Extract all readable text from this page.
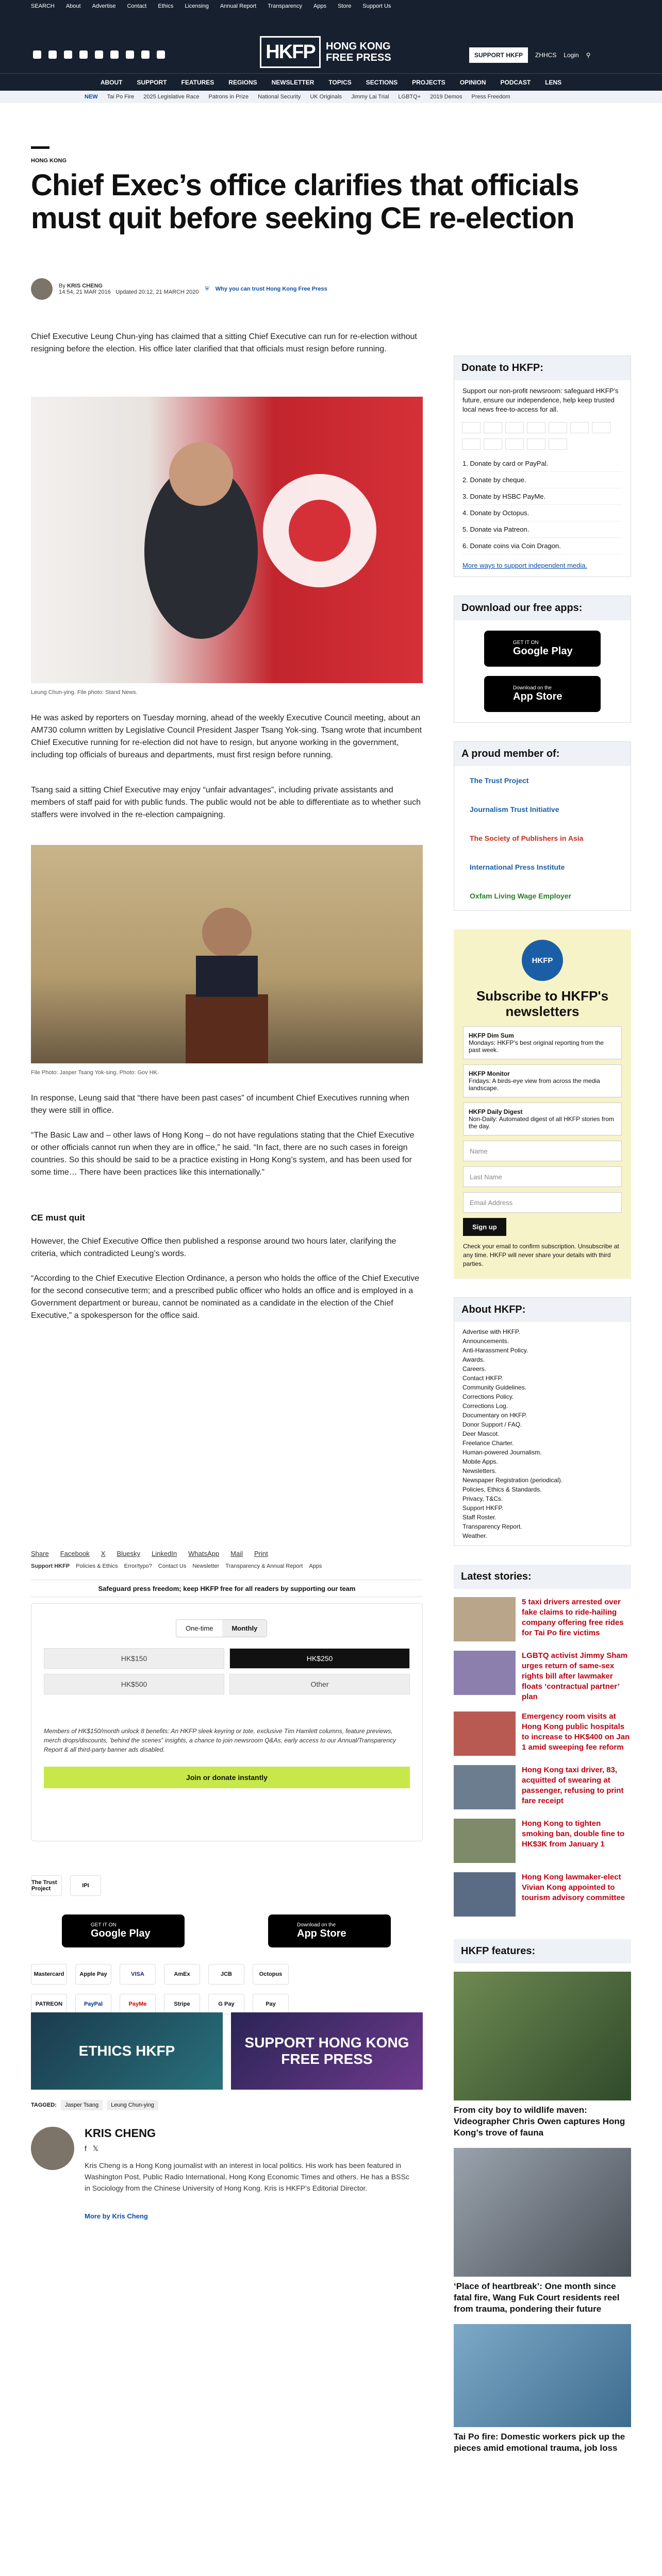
SEARCH About Advertise Contact Ethics Licensing Annual Report Transparency Apps Store Support Us
HKFP	HONG KONG FREE PRESS	SUPPORT HKFP	ZHHCS Login ⚲
ABOUT SUPPORT FEATURES REGIONS NEWSLETTER TOPICS SECTIONS PROJECTS OPINION PODCAST LENS
NEW Tai Po Fire 2025 Legislative Race Patrons in Prize National Security UK Originals Jimmy Lai Trial LGBTQ+ 2019 Demos Press Freedom
HONG KONG
Chief Exec’s office clarifies that officials must quit before seeking CE re-election
By KRIS CHENG
14:54, 21 MAR 2016 Updated 20:12, 21 MARCH 2020
⛨ Why you can trust Hong Kong Free Press
Chief Executive Leung Chun-ying has claimed that a sitting Chief Executive can run for re-election without resigning before the election. His office later clarified that that officials must resign before running.
Leung Chun-ying. File photo: Stand News.
He was asked by reporters on Tuesday morning, ahead of the weekly Executive Council meeting, about an AM730 column written by Legislative Council President Jasper Tsang Yok-sing. Tsang wrote that incumbent Chief Executive running for re-election did not have to resign, but anyone working in the government, including top officials of bureaus and departments, must first resign before running.
Tsang said a sitting Chief Executive may enjoy “unfair advantages”, including private assistants and members of staff paid for with public funds. The public would not be able to differentiate as to whether such staffers were involved in the re-election campaigning.
File Photo: Jasper Tsang Yok-sing. Photo: Gov HK.
In response, Leung said that “there have been past cases” of incumbent Chief Executives running when they were still in office.
“The Basic Law and – other laws of Hong Kong – do not have regulations stating that the Chief Executive or other officials cannot run when they are in office,” he said. “In fact, there are no such cases in foreign countries. So this should be said to be a practice existing in Hong Kong’s system, and has been used for some time… There have been practices like this internationally.”
CE must quit
However, the Chief Executive Office then published a response around two hours later, clarifying the criteria, which contradicted Leung’s words.
“According to the Chief Executive Election Ordinance, a person who holds the office of the Chief Executive for the second consecutive term; and a prescribed public officer who holds an office and is employed in a Government department or bureau, cannot be nominated as a candidate in the election of the Chief Executive,” a spokesperson for the office said.
Share Facebook X Bluesky LinkedIn WhatsApp Mail Print
Support HKFP Policies & Ethics Error/typo? Contact Us Newsletter Transparency & Annual Report Apps
Safeguard press freedom; keep HKFP free for all readers by supporting our team
One-time	Monthly
HK$150	HK$250
HK$500	Other
Members of HK$150/month unlock 8 benefits: An HKFP sleek keyring or tote, exclusive Tim Hamlett columns, feature previews, merch drops/discounts, ‛behind the scenes” insights, a chance to join newsroom Q&As, early access to our Annual/Transparency Report & all third-party banner ads disabled.
Join or donate instantly
The Trust Project	IPI
GET IT ON
Google Play
Download on the
App Store
Mastercard	Apple Pay	VISA	AmEx	JCB	Octopus
PATREON	PayPal	PayMe	Stripe	G Pay	Pay
ETHICS HKFP
SUPPORT HONG KONG FREE PRESS
TAGGED:	Jasper Tsang	Leung Chun-ying
KRIS CHENG
f 𝕏
Kris Cheng is a Hong Kong journalist with an interest in local politics. His work has been featured in Washington Post, Public Radio International, Hong Kong Economic Times and others. He has a BSSc in Sociology from the Chinese University of Hong Kong. Kris is HKFP’s Editorial Director.
More by Kris Cheng
Donate to HKFP:
Support our non-profit newsroom: safeguard HKFP’s future, ensure our independence, help keep trusted local news free-to-access for all.
1. Donate by card or PayPal.
2. Donate by cheque.
3. Donate by HSBC PayMe.
4. Donate by Octopus.
5. Donate via Patreon.
6. Donate coins via Coin Dragon.
More ways to support independent media.
Download our free apps:
GET IT ON
Google Play
Download on the
App Store
A proud member of:
The Trust Project
Journalism Trust Initiative
The Society of Publishers in Asia
International Press Institute
Oxfam Living Wage Employer
HKFP
Subscribe to HKFP's newsletters
HKFP Dim Sum
Mondays: HKFP’s best original reporting from the past week.
HKFP Monitor
Fridays: A birds-eye view from across the media landscape.
HKFP Daily Digest
Non-Daily: Automated digest of all HKFP stories from the day.
Name
Last Name
Email Address
Sign up
Check your email to confirm subscription. Unsubscribe at any time. HKFP will never share your details with third parties.
About HKFP:
Advertise with HKFP.
Announcements.
Anti-Harassment Policy.
Awards.
Careers.
Contact HKFP.
Community Guidelines.
Corrections Policy.
Corrections Log.
Documentary on HKFP.
Donor Support / FAQ.
Deer Mascot.
Freelance Charter.
Human-powered Journalism.
Mobile Apps.
Newsletters.
Newspaper Registration (periodical).
Policies, Ethics & Standards.
Privacy, T&Cs.
Support HKFP.
Staff Roster.
Transparency Report.
Weather.
Latest stories:
5 taxi drivers arrested over fake claims to ride-hailing company offering free rides for Tai Po fire victims
LGBTQ activist Jimmy Sham urges return of same-sex rights bill after lawmaker floats ‘contractual partner’ plan
Emergency room visits at Hong Kong public hospitals to increase to HK$400 on Jan 1 amid sweeping fee reform
Hong Kong taxi driver, 83, acquitted of swearing at passenger, refusing to print fare receipt
Hong Kong to tighten smoking ban, double fine to HK$3K from January 1
Hong Kong lawmaker-elect Vivian Kong appointed to tourism advisory committee
HKFP features:
From city boy to wildlife maven: Videographer Chris Owen captures Hong Kong’s trove of fauna
‘Place of heartbreak’: One month since fatal fire, Wang Fuk Court residents reel from trauma, pondering their future
Tai Po fire: Domestic workers pick up the pieces amid emotional trauma, job loss
